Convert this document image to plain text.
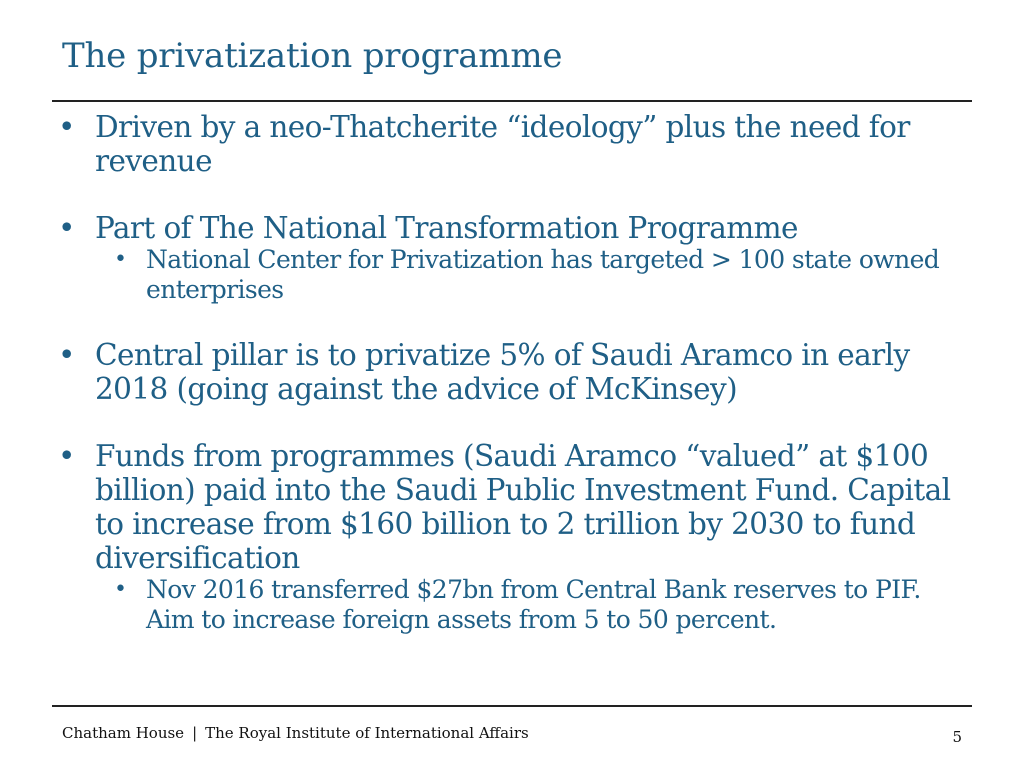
The privatization programme
• Driven by a neo-Thatcherite “ideology” plus the need for revenue
• Part of The National Transformation Programme
• National Center for Privatization has targeted > 100 state owned enterprises
• Central pillar is to privatize 5% of Saudi Aramco in early 2018 (going against the advice of McKinsey)
• Funds from programmes (Saudi Aramco “valued” at $100 billion) paid into the Saudi Public Investment Fund. Capital to increase from $160 billion to 2 trillion by 2030 to fund diversification
• Nov 2016 transferred $27bn from Central Bank reserves to PIF. Aim to increase foreign assets from 5 to 50 percent.
Chatham House | The Royal Institute of International Affairs	5
